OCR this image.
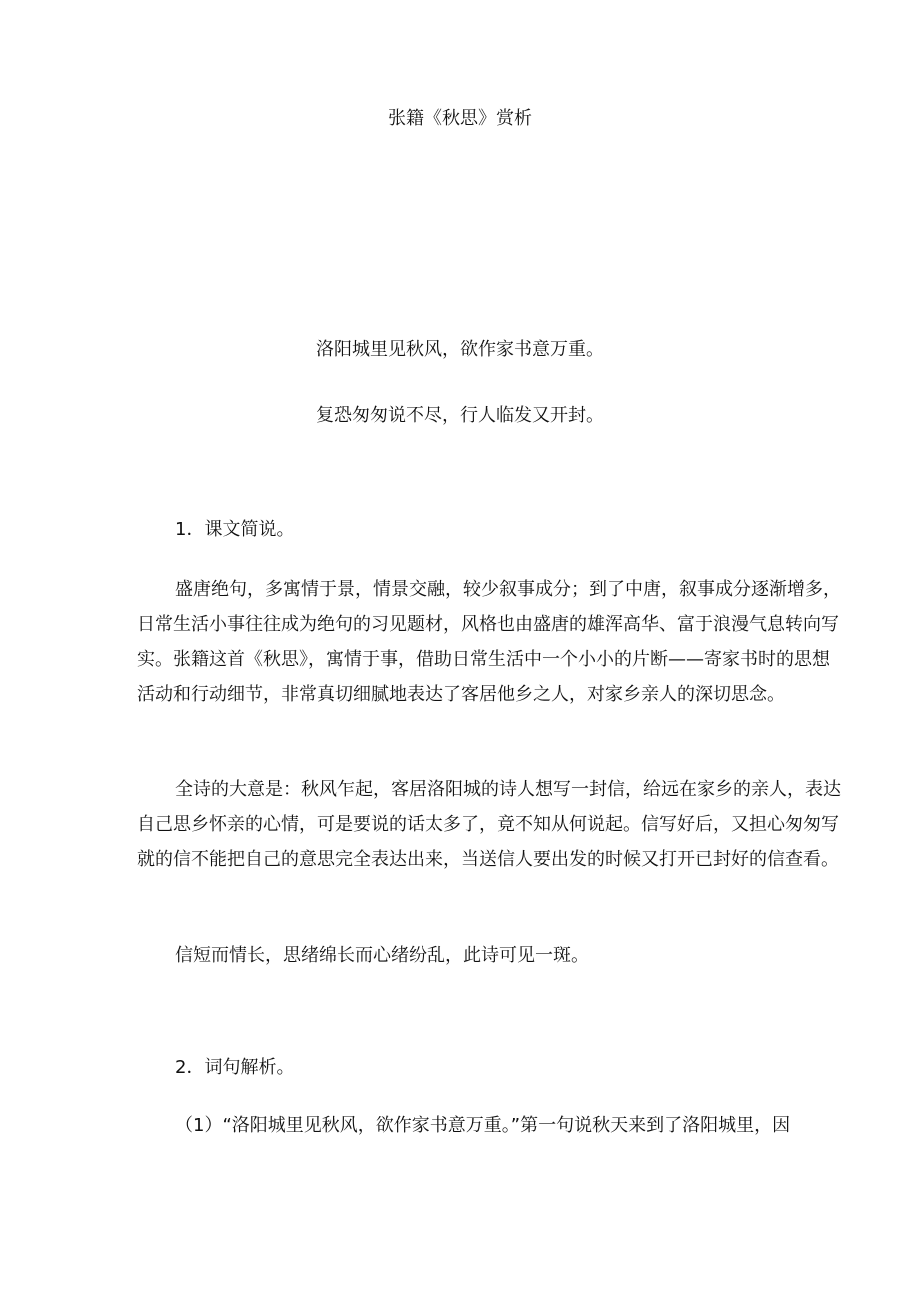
张籍《秋思》赏析

洛阳城里见秋风，欲作家书意万重。

复恐匆匆说不尽，行人临发又开封。

1．课文简说。

盛唐绝句，多寓情于景，情景交融，较少叙事成分；到了中唐，叙事成分逐渐增多，日常生活小事往往成为绝句的习见题材，风格也由盛唐的雄浑高华、富于浪漫气息转向写实。张籍这首《秋思》，寓情于事，借助日常生活中一个小小的片断——寄家书时的思想活动和行动细节，非常真切细腻地表达了客居他乡之人，对家乡亲人的深切思念。

全诗的大意是：秋风乍起，客居洛阳城的诗人想写一封信，给远在家乡的亲人，表达自己思乡怀亲的心情，可是要说的话太多了，竟不知从何说起。信写好后，又担心匆匆写就的信不能把自己的意思完全表达出来，当送信人要出发的时候又打开已封好的信查看。

信短而情长，思绪绵长而心绪纷乱，此诗可见一斑。

2．词句解析。

（1）“洛阳城里见秋风，欲作家书意万重。”第一句说秋天来到了洛阳城里，因
